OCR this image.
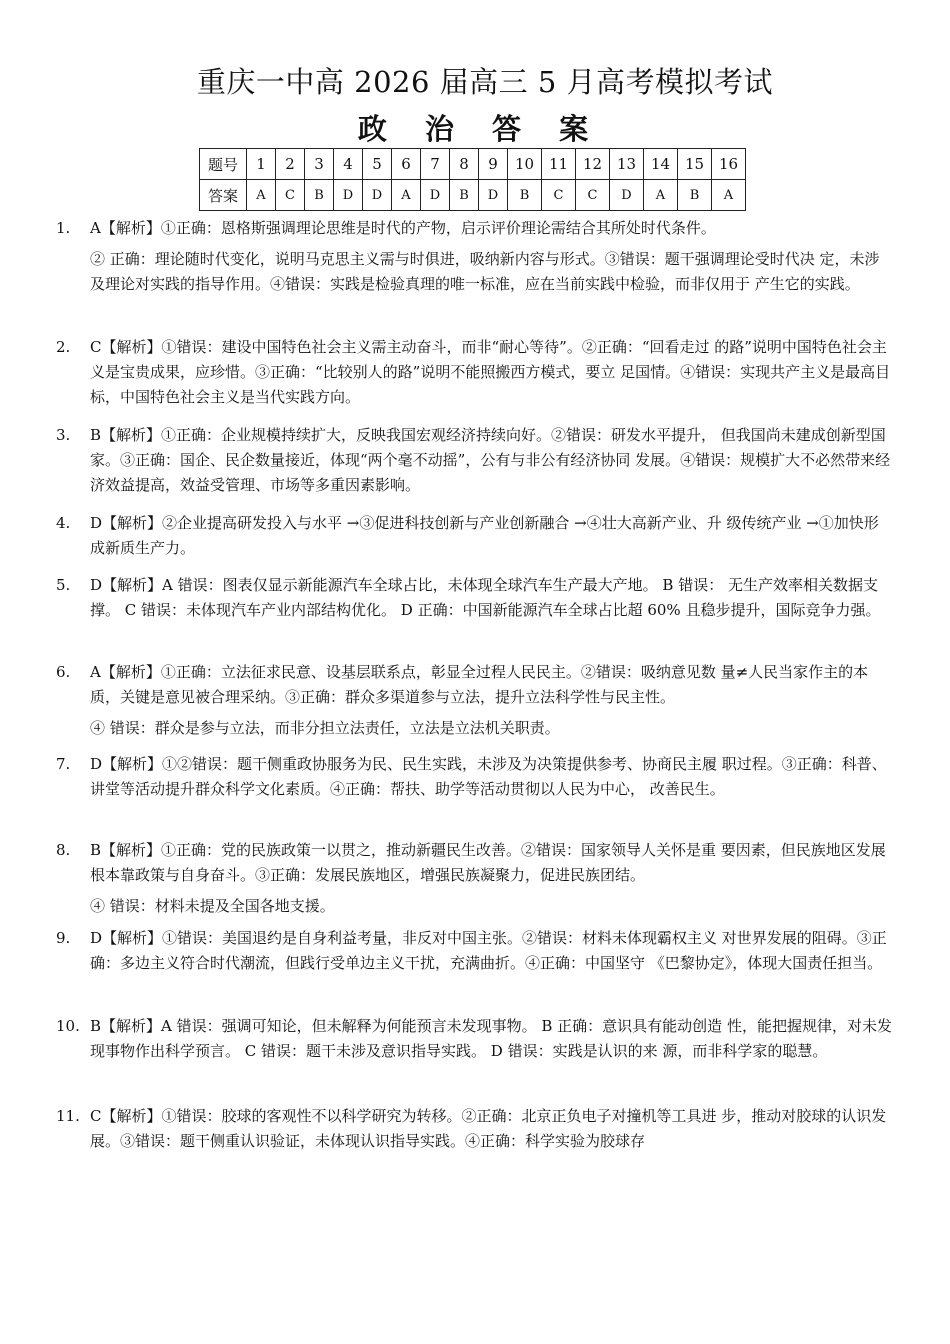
重庆一中高 2026 届高三 5 月高考模拟考试
政 治 答 案
题号	1	2	3	4	5	6	7	8	9	10	11	12	13	14	15	16
答案	A	C	B	D	D	A	D	B	D	B	C	C	D	A	B	A
1.	A【解析】①正确：恩格斯强调理论思维是时代的产物，启示评价理论需结合其所处时代条件。
② 正确：理论随时代变化，说明马克思主义需与时俱进，吸纳新内容与形式。③错误：题干强调理论受时代决 定，未涉及理论对实践的指导作用。④错误：实践是检验真理的唯一标准，应在当前实践中检验，而非仅用于 产生它的实践。
2.	C【解析】①错误：建设中国特色社会主义需主动奋斗，而非“耐心等待”。②正确：“回看走过 的路”说明中国特色社会主义是宝贵成果，应珍惜。③正确：“比较别人的路”说明不能照搬西方模式，要立 足国情。④错误：实现共产主义是最高目标，中国特色社会主义是当代实践方向。
3.	B【解析】①正确：企业规模持续扩大，反映我国宏观经济持续向好。②错误：研发水平提升， 但我国尚未建成创新型国家。③正确：国企、民企数量接近，体现“两个毫不动摇”，公有与非公有经济协同 发展。④错误：规模扩大不必然带来经济效益提高，效益受管理、市场等多重因素影响。
4.	D【解析】②企业提高研发投入与水平 →③促进科技创新与产业创新融合 →④壮大高新产业、升 级传统产业 →①加快形成新质生产力。
5.	D【解析】A 错误：图表仅显示新能源汽车全球占比，未体现全球汽车生产最大产地。 B 错误： 无生产效率相关数据支撑。 C 错误：未体现汽车产业内部结构优化。 D 正确：中国新能源汽车全球占比超 60% 且稳步提升，国际竞争力强。
6.	A【解析】①正确：立法征求民意、设基层联系点，彰显全过程人民民主。②错误：吸纳意见数 量≠人民当家作主的本质，关键是意见被合理采纳。③正确：群众多渠道参与立法，提升立法科学性与民主性。
④ 错误：群众是参与立法，而非分担立法责任，立法是立法机关职责。
7.	D【解析】①②错误：题干侧重政协服务为民、民生实践，未涉及为决策提供参考、协商民主履 职过程。③正确：科普、讲堂等活动提升群众科学文化素质。④正确：帮扶、助学等活动贯彻以人民为中心， 改善民生。
8.	B【解析】①正确：党的民族政策一以贯之，推动新疆民生改善。②错误：国家领导人关怀是重 要因素，但民族地区发展根本靠政策与自身奋斗。③正确：发展民族地区，增强民族凝聚力，促进民族团结。
④ 错误：材料未提及全国各地支援。
9.	D【解析】①错误：美国退约是自身利益考量，非反对中国主张。②错误：材料未体现霸权主义 对世界发展的阻碍。③正确：多边主义符合时代潮流，但践行受单边主义干扰，充满曲折。④正确：中国坚守 《巴黎协定》，体现大国责任担当。
10. B【解析】A 错误：强调可知论，但未解释为何能预言未发现事物。 B 正确：意识具有能动创造 性，能把握规律，对未发现事物作出科学预言。 C 错误：题干未涉及意识指导实践。 D 错误：实践是认识的来 源，而非科学家的聪慧。
11. C【解析】①错误：胶球的客观性不以科学研究为转移。②正确：北京正负电子对撞机等工具进 步，推动对胶球的认识发展。③错误：题干侧重认识验证，未体现认识指导实践。④正确：科学实验为胶球存
